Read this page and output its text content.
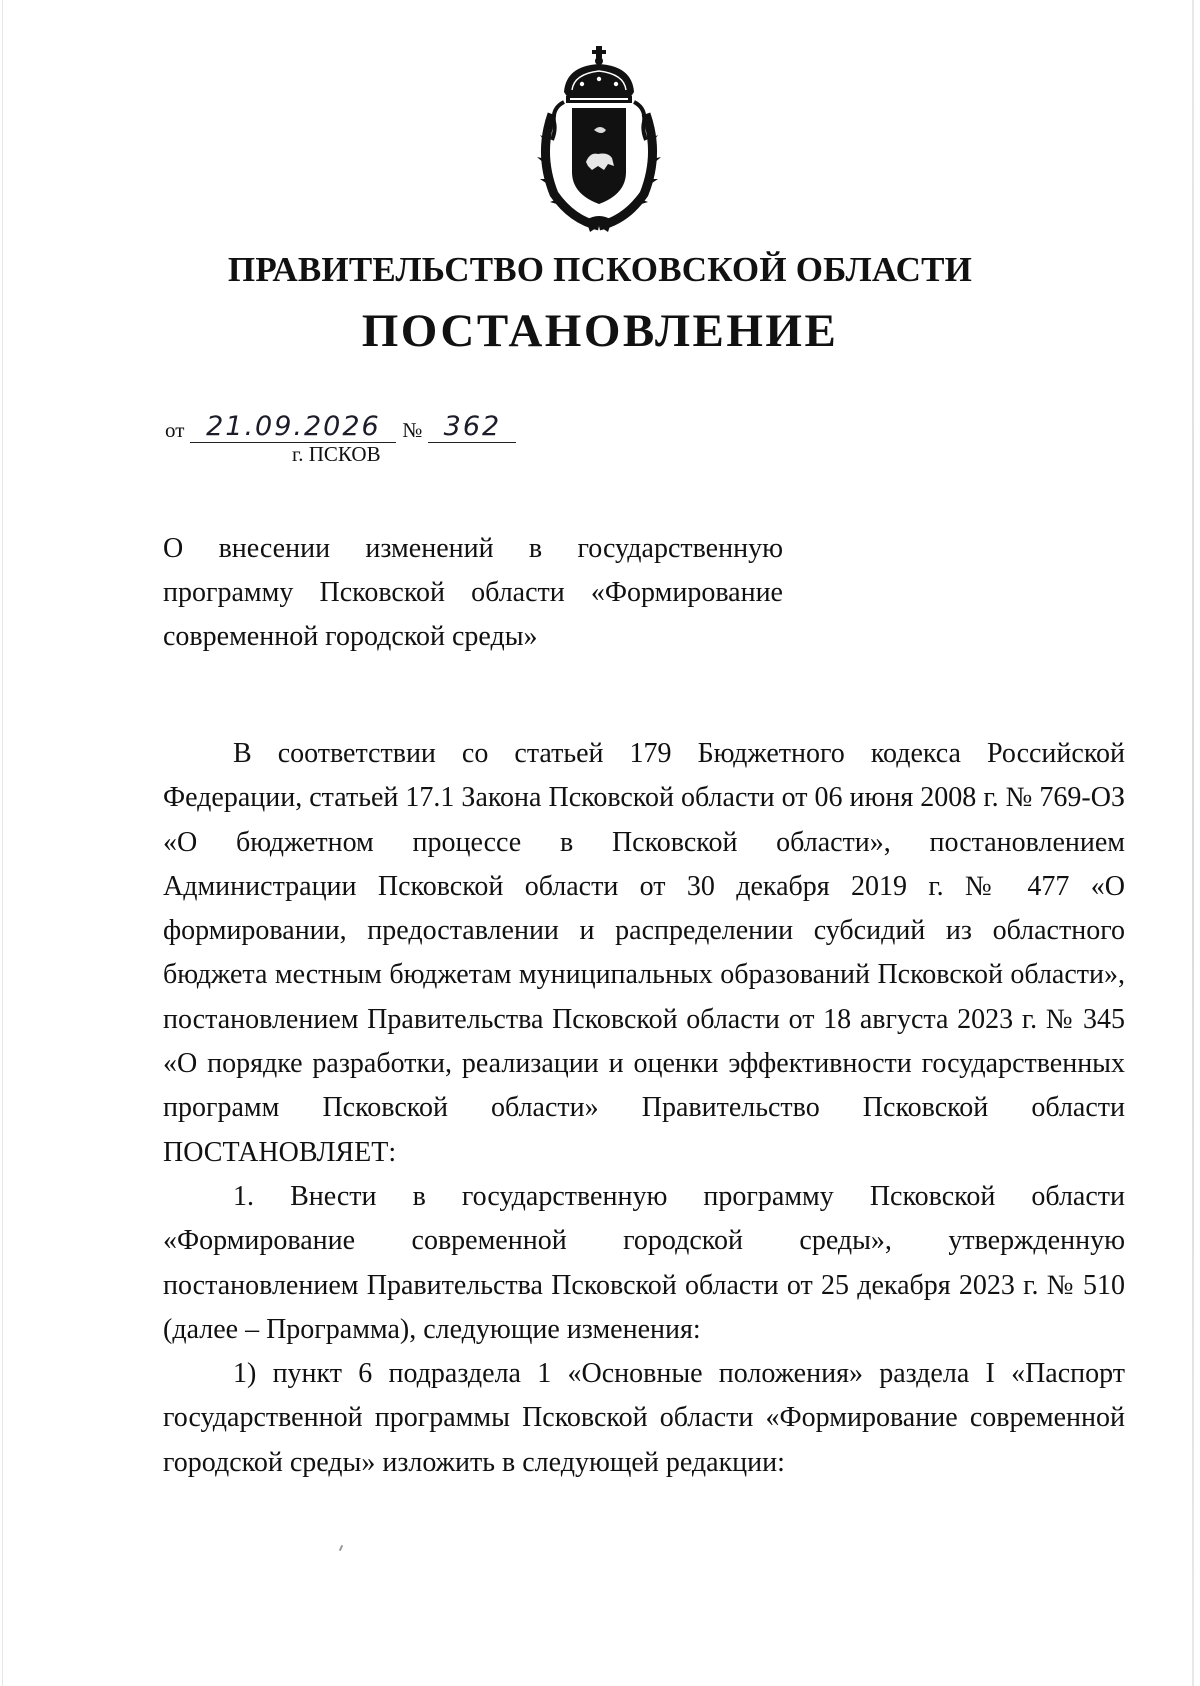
ПРАВИТЕЛЬСТВО ПСКОВСКОЙ ОБЛАСТИ
ПОСТАНОВЛЕНИЕ
от 21.09.2026	№ 362
г. ПСКОВ

О внесении изменений в государственную

программу Псковской области «Формирование

современной городской среды»

В соответствии со статьей 179 Бюджетного кодекса Российской Федерации, статьей 17.1 Закона Псковской области от 06 июня 2008 г. № 769-ОЗ «О бюджетном процессе в Псковской области», постановлением Администрации Псковской области от 30 декабря 2019 г. № 477 «О формировании, предоставлении и распределении субсидий из областного бюджета местным бюджетам муниципальных образований Псковской области», постановлением Правительства Псковской области от 18 августа 2023 г. № 345 «О порядке разработки, реализации и оценки эффективности государственных программ Псковской области» Правительство Псковской области ПОСТАНОВЛЯЕТ:

1. Внести в государственную программу Псковской области «Формирование современной городской среды», утвержденную постановлением Правительства Псковской области от 25 декабря 2023 г. № 510 (далее – Программа), следующие изменения:

1) пункт 6 подраздела 1 «Основные положения» раздела I «Паспорт государственной программы Псковской области «Формирование современной городской среды» изложить в следующей редакции:
